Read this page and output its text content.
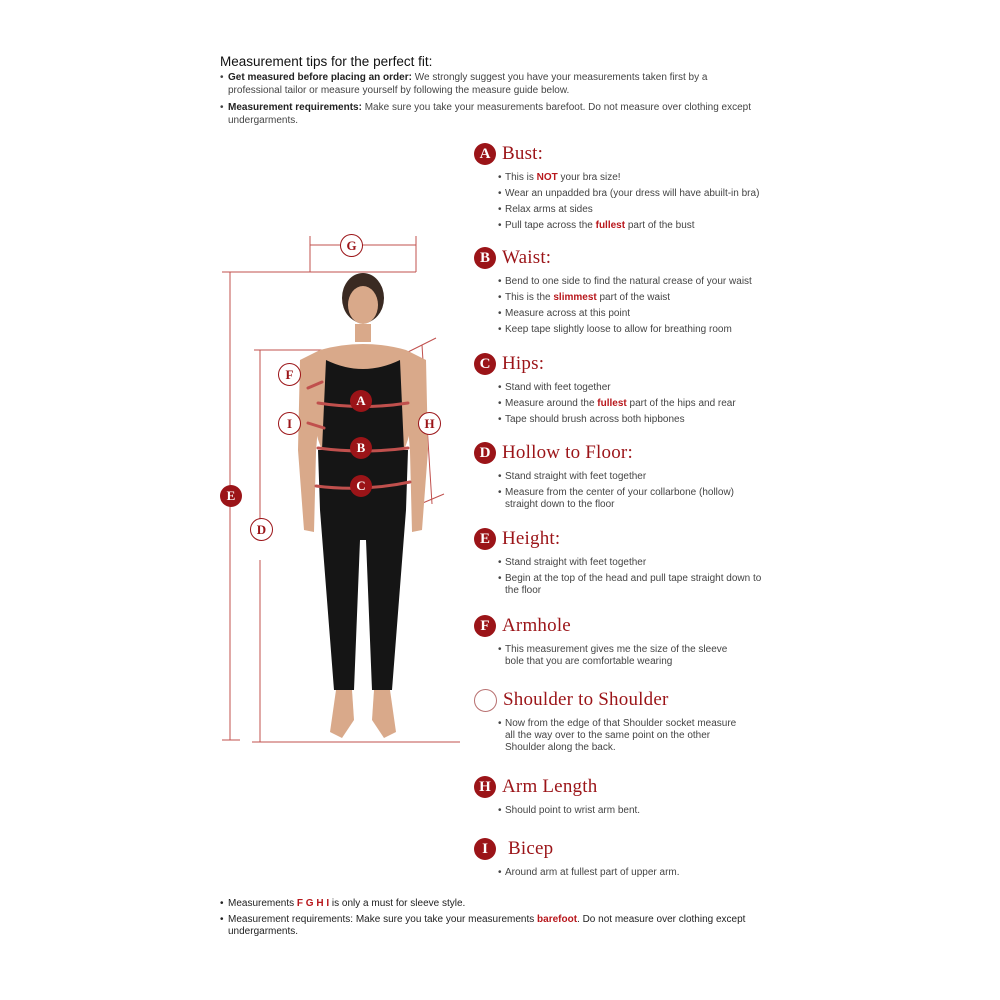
Measurement tips for the perfect fit:
• Get measured before placing an order: We strongly suggest you have your measurements taken first by a professional tailor or measure yourself by following the measure guide below.
• Measurement requirements: Make sure you take your measurements barefoot. Do not measure over clothing except undergarments.
A
B
C
D
E
F
G
H
I
A Bust:
• This is NOT your bra size!
• Wear an unpadded bra (your dress will have abuilt-in bra)
• Relax arms at sides
• Pull tape across the fullest part of the bust
B Waist:
• Bend to one side to find the natural crease of your waist
• This is the slimmest part of the waist
• Measure across at this point
• Keep tape slightly loose to allow for breathing room
C Hips:
• Stand with feet together
• Measure around the fullest part of the hips and rear
• Tape should brush across both hipbones
D Hollow to Floor:
• Stand straight with feet together
• Measure from the center of your collarbone (hollow) straight down to the floor
E Height:
• Stand straight with feet together
• Begin at the top of the head and pull tape straight down to the floor
F Armhole
• This measurement gives me the size of the sleeve bole that you are comfortable wearing
Shoulder to Shoulder
• Now from the edge of that Shoulder socket measure all the way over to the same point on the other Shoulder along the back.
H Arm Length
• Should point to wrist arm bent.
I	Bicep
• Around arm at fullest part of upper arm.
• Measurements F G H I is only a must for sleeve style.
• Measurement requirements: Make sure you take your measurements barefoot. Do not measure over clothing except undergarments.
